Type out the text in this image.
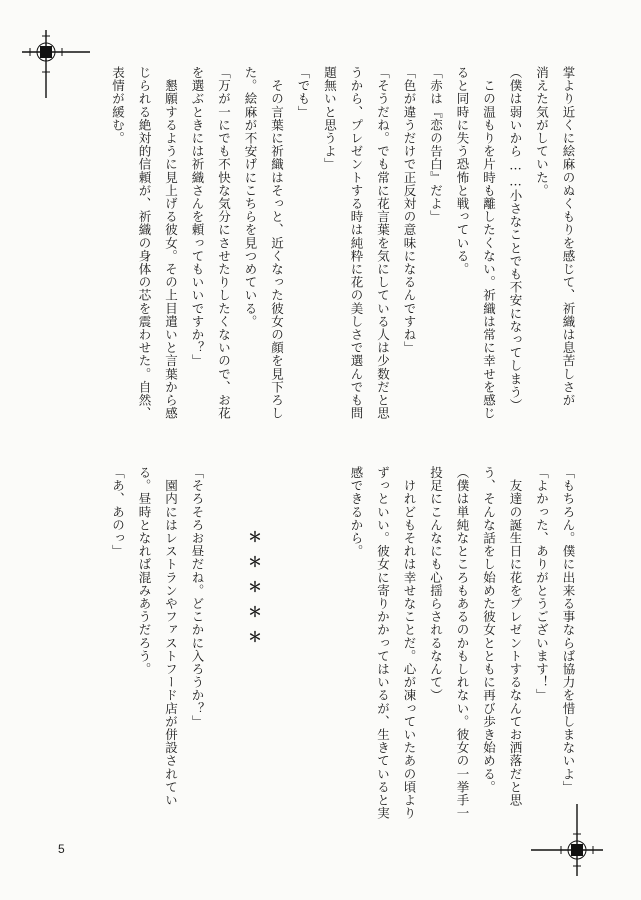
掌より近くに絵麻のぬくもりを感じて、祈織は息苦しさが
消えた気がしていた。
（僕は弱いから……小さなことでも不安になってしまう）
　この温もりを片時も離したくない。祈織は常に幸せを感じ
ると同時に失う恐怖と戦っている。
「赤は『恋の告白』だよ」
「色が違うだけで正反対の意味になるんですね」
「そうだね。でも常に花言葉を気にしている人は少数だと思
うから、プレゼントする時は純粋に花の美しさで選んでも問
題無いと思うよ」
「でも」
　その言葉に祈織はそっと、近くなった彼女の顔を見下ろし
た。絵麻が不安げにこちらを見つめている。
「万が一にでも不快な気分にさせたりしたくないので、お花
を選ぶときには祈織さんを頼ってもいいですか？」
　懇願するように見上げる彼女。その上目遣いと言葉から感
じられる絶対的信頼が、祈織の身体の芯を震わせた。自然、
表情が緩む。
＊＊＊＊＊	「もちろん。僕に出来る事ならば協力を惜しまないよ」
「よかった、ありがとうございます！」
　友達の誕生日に花をプレゼントするなんてお洒落だと思
う、そんな話をし始めた彼女とともに再び歩き始める。
（僕は単純なところもあるのかもしれない。彼女の一挙手一
投足にこんなにも心揺らされるなんて）
　けれどもそれは幸せなことだ。心が凍っていたあの頃より
ずっといい。彼女に寄りかかってはいるが、生きていると実
感できるから。
「そろそろお昼だね。どこかに入ろうか？」
　園内にはレストランやファストフード店が併設されてい
る。昼時となれば混みあうだろう。
「あ、あのっ」
5
